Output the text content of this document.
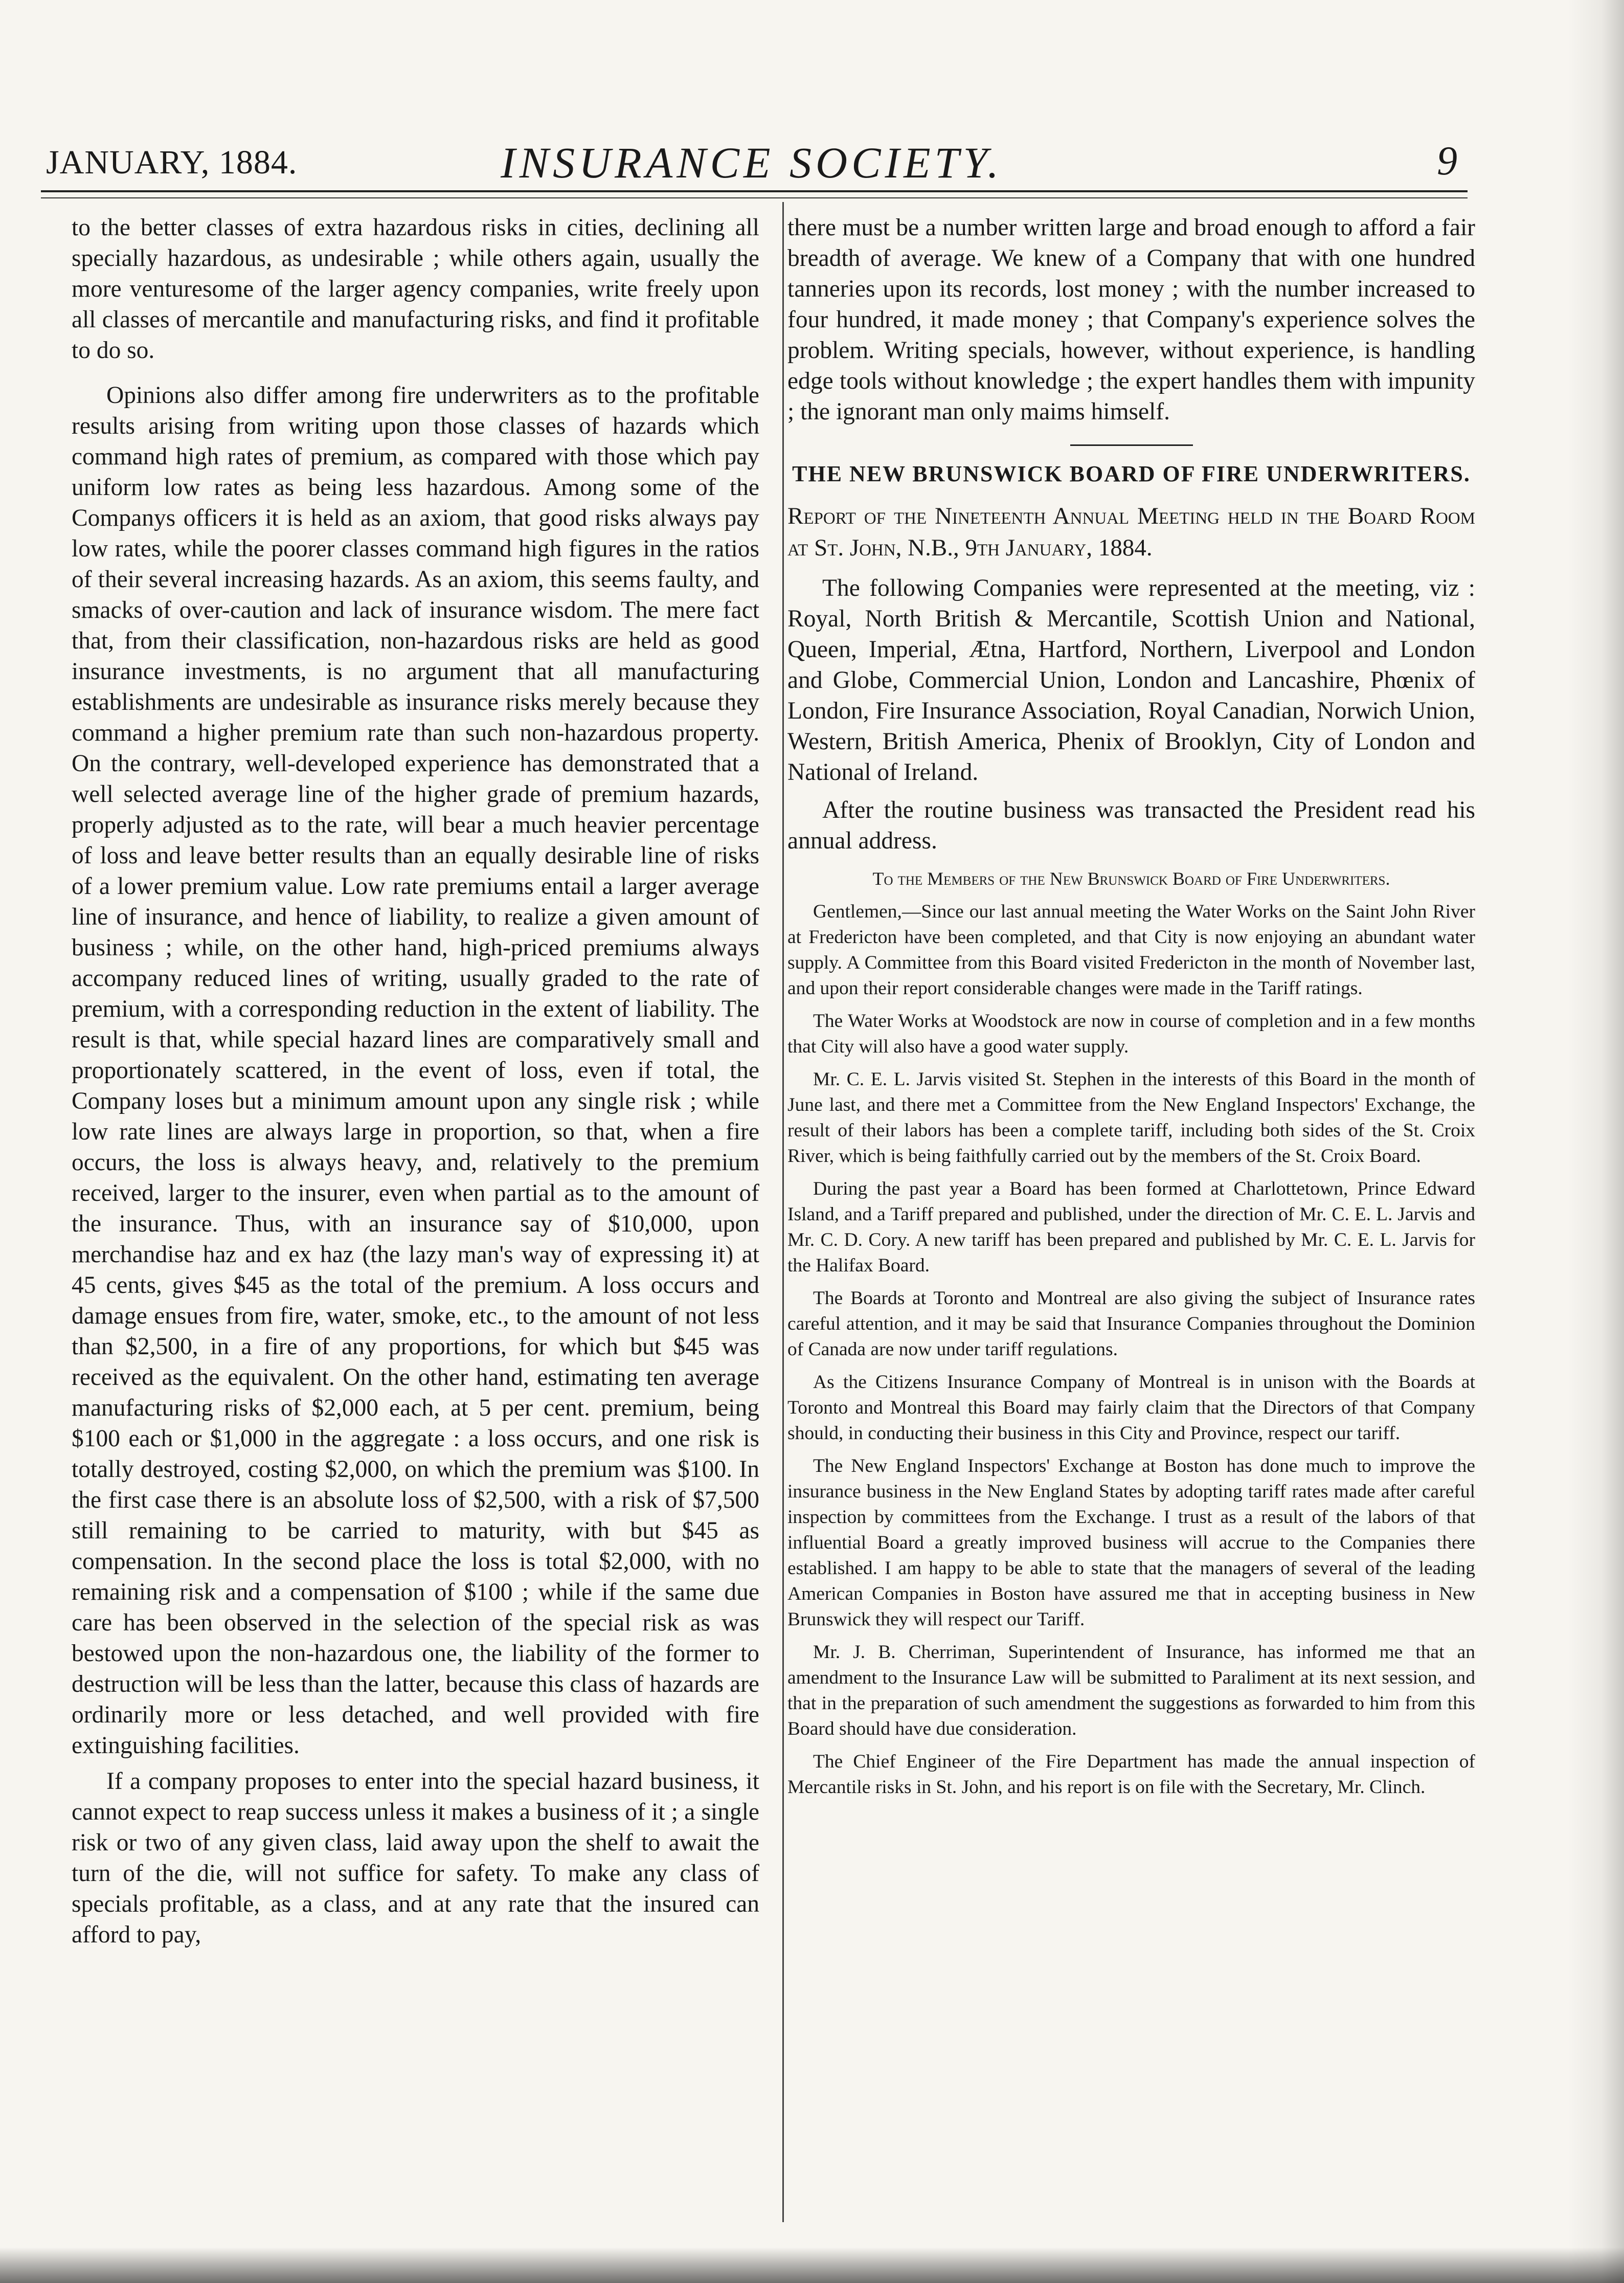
JANUARY, 1884.	INSURANCE SOCIETY.	9

to the better classes of extra hazardous risks in cities, declining all specially hazardous, as undesirable ; while others again, usually the more venturesome of the larger agency companies, write freely upon all classes of mercantile and manufacturing risks, and find it profitable to do so.

Opinions also differ among fire underwriters as to the profitable results arising from writing upon those classes of hazards which command high rates of premium, as compared with those which pay uniform low rates as being less hazardous. Among some of the Companys officers it is held as an axiom, that good risks always pay low rates, while the poorer classes command high figures in the ratios of their several increasing hazards. As an axiom, this seems faulty, and smacks of over-caution and lack of insurance wisdom. The mere fact that, from their classification, non-hazardous risks are held as good insurance investments, is no argument that all manufacturing establishments are undesirable as insurance risks merely because they command a higher premium rate than such non-hazardous property. On the contrary, well-developed experience has demonstrated that a well selected average line of the higher grade of premium hazards, properly adjusted as to the rate, will bear a much heavier percentage of loss and leave better results than an equally desirable line of risks of a lower premium value. Low rate premiums entail a larger average line of insurance, and hence of liability, to realize a given amount of business ; while, on the other hand, high-priced premiums always accompany reduced lines of writing, usually graded to the rate of premium, with a corresponding reduction in the extent of liability. The result is that, while special hazard lines are comparatively small and proportionately scattered, in the event of loss, even if total, the Company loses but a minimum amount upon any single risk ; while low rate lines are always large in proportion, so that, when a fire occurs, the loss is always heavy, and, relatively to the premium received, larger to the insurer, even when partial as to the amount of the insurance. Thus, with an insurance say of $10,000, upon merchandise haz and ex haz (the lazy man's way of expressing it) at 45 cents, gives $45 as the total of the premium. A loss occurs and damage ensues from fire, water, smoke, etc., to the amount of not less than $2,500, in a fire of any proportions, for which but $45 was received as the equivalent. On the other hand, estimating ten average manufacturing risks of $2,000 each, at 5 per cent. premium, being $100 each or $1,000 in the aggregate : a loss occurs, and one risk is totally destroyed, costing $2,000, on which the premium was $100. In the first case there is an absolute loss of $2,500, with a risk of $7,500 still remaining to be carried to maturity, with but $45 as compensation. In the second place the loss is total $2,000, with no remaining risk and a compensation of $100 ; while if the same due care has been observed in the selection of the special risk as was bestowed upon the non-hazardous one, the liability of the former to destruction will be less than the latter, because this class of hazards are ordinarily more or less detached, and well provided with fire extinguishing facilities.

If a company proposes to enter into the special hazard business, it cannot expect to reap success unless it makes a business of it ; a single risk or two of any given class, laid away upon the shelf to await the turn of the die, will not suffice for safety. To make any class of specials profitable, as a class, and at any rate that the insured can afford to pay,

there must be a number written large and broad enough to afford a fair breadth of average. We knew of a Company that with one hundred tanneries upon its records, lost money ; with the number increased to four hundred, it made money ; that Company's experience solves the problem. Writing specials, however, without experience, is handling edge tools without knowledge ; the expert handles them with impunity ; the ignorant man only maims himself.

THE NEW BRUNSWICK BOARD OF FIRE UNDERWRITERS.
Report of the Nineteenth Annual Meeting held in the Board Room at St. John, N.B., 9th January, 1884.

The following Companies were represented at the meeting, viz : Royal, North British & Mercantile, Scottish Union and National, Queen, Imperial, Ætna, Hartford, Northern, Liverpool and London and Globe, Commercial Union, London and Lancashire, Phœnix of London, Fire Insurance Association, Royal Canadian, Norwich Union, Western, British America, Phenix of Brooklyn, City of London and National of Ireland.

After the routine business was transacted the President read his annual address.

To the Members of the New Brunswick Board of Fire Underwriters.

Gentlemen,—Since our last annual meeting the Water Works on the Saint John River at Fredericton have been completed, and that City is now enjoying an abundant water supply. A Committee from this Board visited Fredericton in the month of November last, and upon their report considerable changes were made in the Tariff ratings.

The Water Works at Woodstock are now in course of completion and in a few months that City will also have a good water supply.

Mr. C. E. L. Jarvis visited St. Stephen in the interests of this Board in the month of June last, and there met a Committee from the New England Inspectors' Exchange, the result of their labors has been a complete tariff, including both sides of the St. Croix River, which is being faithfully carried out by the members of the St. Croix Board.

During the past year a Board has been formed at Charlottetown, Prince Edward Island, and a Tariff prepared and published, under the direction of Mr. C. E. L. Jarvis and Mr. C. D. Cory. A new tariff has been prepared and published by Mr. C. E. L. Jarvis for the Halifax Board.

The Boards at Toronto and Montreal are also giving the subject of Insurance rates careful attention, and it may be said that Insurance Companies throughout the Dominion of Canada are now under tariff regulations.

As the Citizens Insurance Company of Montreal is in unison with the Boards at Toronto and Montreal this Board may fairly claim that the Directors of that Company should, in conducting their business in this City and Province, respect our tariff.

The New England Inspectors' Exchange at Boston has done much to improve the insurance business in the New England States by adopting tariff rates made after careful inspection by committees from the Exchange. I trust as a result of the labors of that influential Board a greatly improved business will accrue to the Companies there established. I am happy to be able to state that the managers of several of the leading American Companies in Boston have assured me that in accepting business in New Brunswick they will respect our Tariff.

Mr. J. B. Cherriman, Superintendent of Insurance, has informed me that an amendment to the Insurance Law will be submitted to Paraliment at its next session, and that in the preparation of such amendment the suggestions as forwarded to him from this Board should have due consideration.

The Chief Engineer of the Fire Department has made the annual inspection of Mercantile risks in St. John, and his report is on file with the Secretary, Mr. Clinch.
